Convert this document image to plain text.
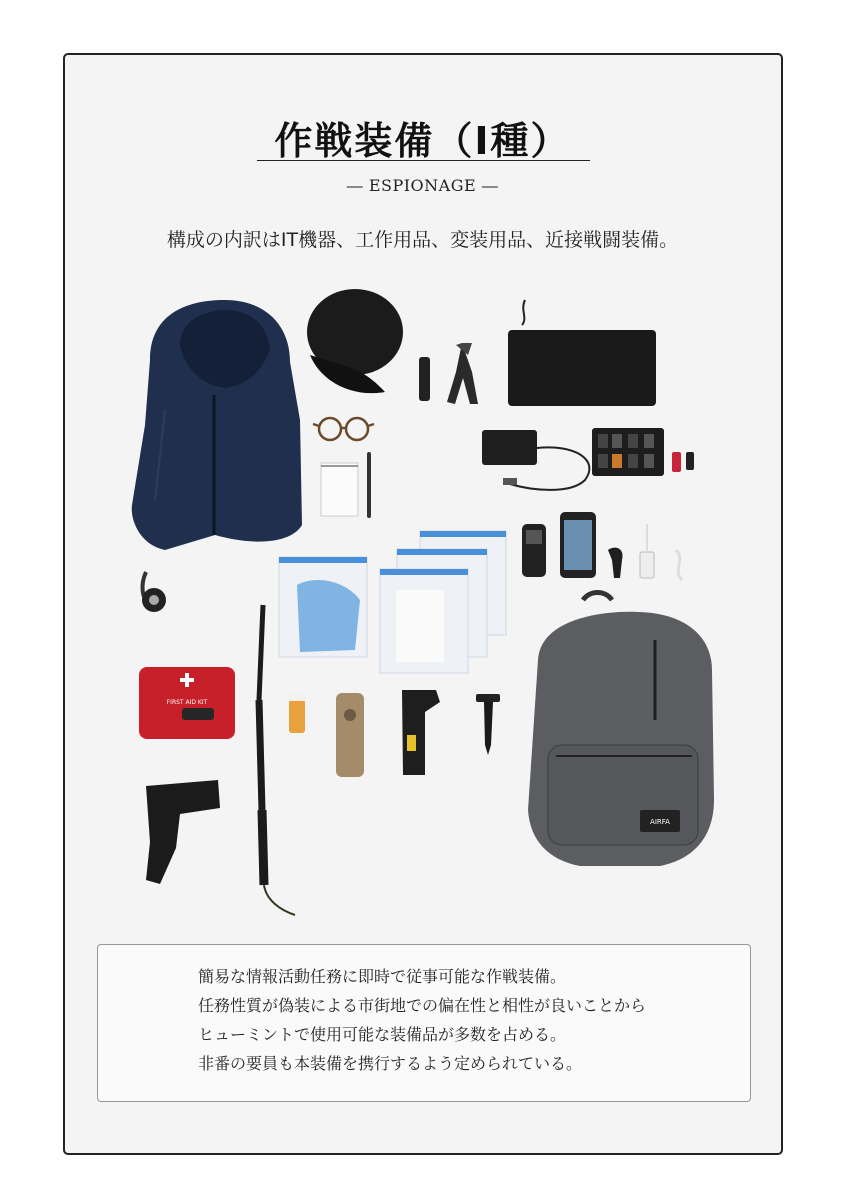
作戦装備（Ⅰ種）
― ESPIONAGE ―
構成の内訳はIT機器、工作用品、変装用品、近接戦闘装備。
FIRST AID KIT
AIRFA
簡易な情報活動任務に即時で従事可能な作戦装備。
任務性質が偽装による市街地での偏在性と相性が良いことから
ヒューミントで使用可能な装備品が多数を占める。
非番の要員も本装備を携行するよう定められている。
